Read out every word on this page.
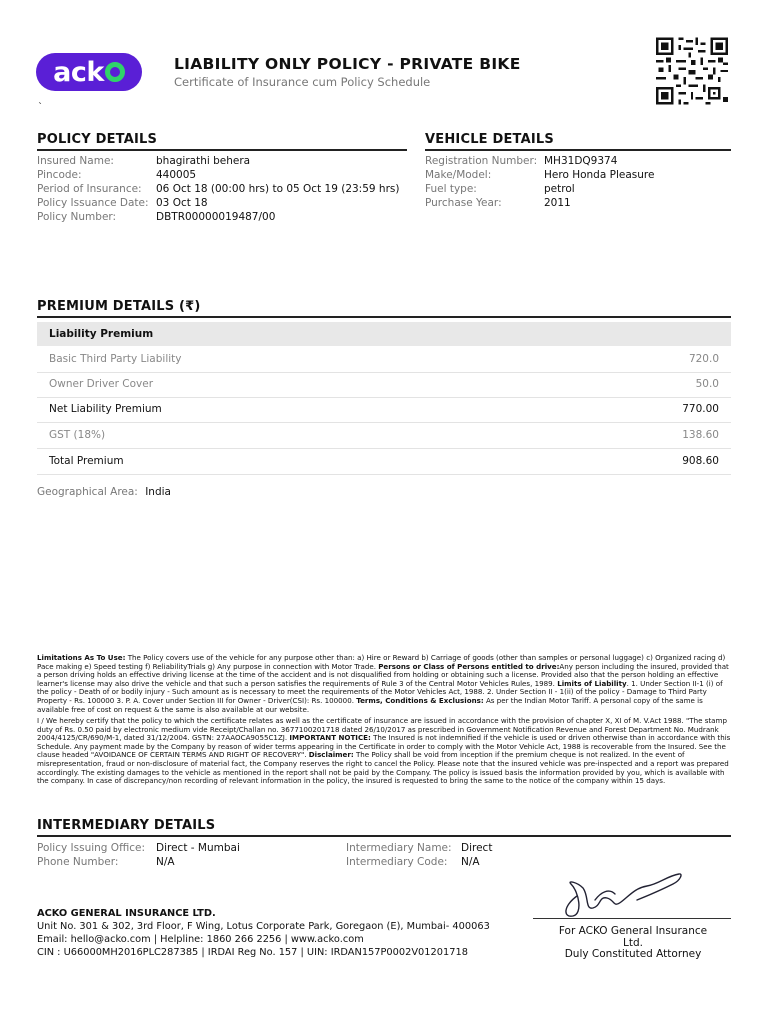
ack	LIABILITY ONLY POLICY - PRIVATE BIKE
Certificate of Insurance cum Policy Schedule
`
POLICY DETAILS
Insured Name:	bhagirathi behera
Pincode:	440005
Period of Insurance: 06 Oct 18 (00:00 hrs) to 05 Oct 19 (23:59 hrs)
Policy Issuance Date: 03 Oct 18
Policy Number:	DBTR00000019487/00
VEHICLE DETAILS
Registration Number: MH31DQ9374
Make/Model:	Hero Honda Pleasure
Fuel type:	petrol
Purchase Year:	2011
PREMIUM DETAILS (₹)
Liability Premium
Basic Third Party Liability	720.0
Owner Driver Cover	50.0
Net Liability Premium	770.00
GST (18%)	138.60
Total Premium	908.60
Geographical Area: India
Limitations As To Use: The Policy covers use of the vehicle for any purpose other than: a) Hire or Reward b) Carriage of goods (other than samples or personal luggage) c) Organized racing d) Pace making e) Speed testing f) ReliabilityTrials g) Any purpose in connection with Motor Trade. Persons or Class of Persons entitled to drive:Any person including the insured, provided that a person driving holds an effective driving license at the time of the accident and is not disqualified from holding or obtaining such a license. Provided also that the person holding an effective learner's license may also drive the vehicle and that such a person satisfies the requirements of Rule 3 of the Central Motor Vehicles Rules, 1989. Limits of Liability. 1. Under Section II-1 (i) of the policy - Death of or bodily injury - Such amount as is necessary to meet the requirements of the Motor Vehicles Act, 1988. 2. Under Section II - 1(ii) of the policy - Damage to Third Party Property - Rs. 100000 3. P. A. Cover under Section III for Owner - Driver(CSI): Rs. 100000. Terms, Conditions & Exclusions: As per the Indian Motor Tariff. A personal copy of the same is available free of cost on request & the same is also available at our website.
I / We hereby certify that the policy to which the certificate relates as well as the certificate of insurance are issued in accordance with the provision of chapter X, XI of M. V.Act 1988. "The stamp duty of Rs. 0.50 paid by electronic medium vide Receipt/Challan no. 3677100201718 dated 26/10/2017 as prescribed in Government Notification Revenue and Forest Department No. Mudrank 2004/4125/CR/690/M-1, dated 31/12/2004. GSTN: 27AAOCA9055C1ZJ. IMPORTANT NOTICE: The Insured is not indemnified if the vehicle is used or driven otherwise than in accordance with this Schedule. Any payment made by the Company by reason of wider terms appearing in the Certificate in order to comply with the Motor Vehicle Act, 1988 is recoverable from the Insured. See the clause headed "AVOIDANCE OF CERTAIN TERMS AND RIGHT OF RECOVERY". Disclaimer: The Policy shall be void from inception if the premium cheque is not realized. In the event of misrepresentation, fraud or non-disclosure of material fact, the Company reserves the right to cancel the Policy. Please note that the insured vehicle was pre-inspected and a report was prepared accordingly. The existing damages to the vehicle as mentioned in the report shall not be paid by the Company. The policy is issued basis the information provided by you, which is available with the company. In case of discrepancy/non recording of relevant information in the policy, the insured is requested to bring the same to the notice of the company within 15 days.
INTERMEDIARY DETAILS
Policy Issuing Office: Direct - Mumbai
Phone Number:	N/A
Intermediary Name: Direct
Intermediary Code: N/A
ACKO GENERAL INSURANCE LTD.
Unit No. 301 & 302, 3rd Floor, F Wing, Lotus Corporate Park, Goregaon (E), Mumbai- 400063
Email: hello@acko.com | Helpline: 1860 266 2256 | www.acko.com
CIN : U66000MH2016PLC287385 | IRDAI Reg No. 157 | UIN: IRDAN157P0002V01201718
For ACKO General Insurance Ltd.
Duly Constituted Attorney
